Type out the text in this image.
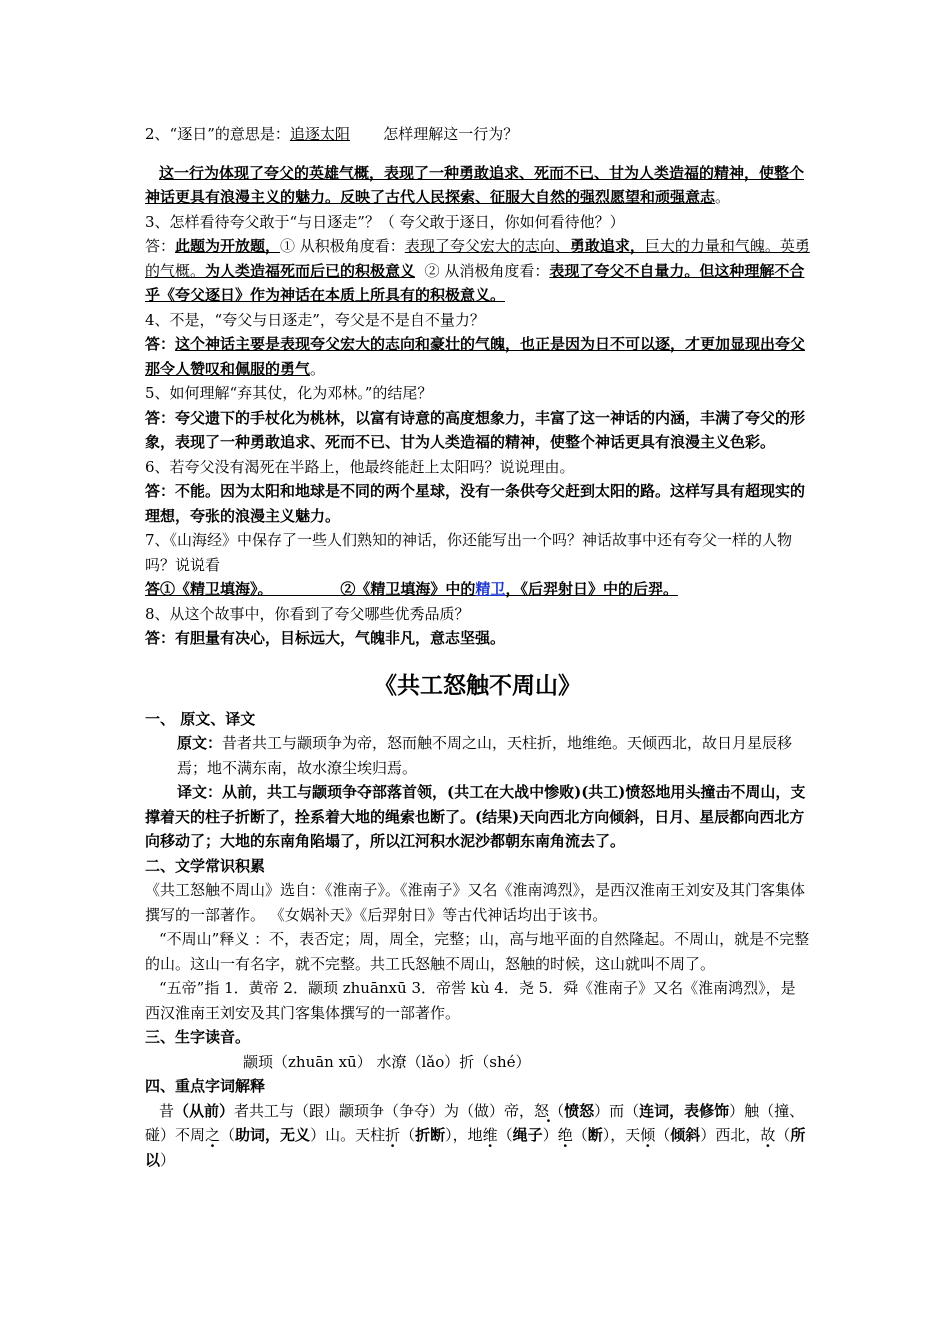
2、“逐日”的意思是：追逐太阳 怎样理解这一行为？

这一行为体现了夸父的英雄气概，表现了一种勇敢追求、死而不已、甘为人类造福的精神，使整个神话更具有浪漫主义的魅力。反映了古代人民探索、征服大自然的强烈愿望和顽强意志。

3、怎样看待夸父敢于“与日逐走”？（ 夸父敢于逐日，你如何看待他？）

答：此题为开放题，① 从积极角度看：表现了夸父宏大的志向、勇敢追求，巨大的力量和气魄。英勇的气概。为人类造福死而后已的积极意义 ② 从消极角度看：表现了夸父不自量力。但这种理解不合乎《夸父逐日》作为神话在本质上所具有的积极意义。

4、不是，“夸父与日逐走”，夸父是不是自不量力？

答：这个神话主要是表现夸父宏大的志向和豪壮的气魄，也正是因为日不可以逐，才更加显现出夸父那令人赞叹和佩服的勇气。

5、如何理解“弃其仗，化为邓林。”的结尾？

答：夸父遗下的手杖化为桃林，以富有诗意的高度想象力，丰富了这一神话的内涵，丰满了夸父的形象，表现了一种勇敢追求、死而不已、甘为人类造福的精神，使整个神话更具有浪漫主义色彩。

6、若夸父没有渴死在半路上，他最终能赶上太阳吗？说说理由。

答：不能。因为太阳和地球是不同的两个星球，没有一条供夸父赶到太阳的路。这样写具有超现实的理想，夸张的浪漫主义魅力。

7、《山海经》中保存了一些人们熟知的神话，你还能写出一个吗？神话故事中还有夸父一样的人物吗？说说看

答①《精卫填海》。	②《精卫填海》中的精卫，《后羿射日》中的后羿。

8、从这个故事中，你看到了夸父哪些优秀品质？

答：有胆量有决心，目标远大，气魄非凡，意志坚强。

《共工怒触不周山》

一、 原文、译文

原文：昔者共工与颛顼争为帝，怒而触不周之山，天柱折，地维绝。天倾西北，故日月星辰移焉；地不满东南，故水潦尘埃归焉。

译文：从前，共工与颛顼争夺部落首领，(共工在大战中惨败)(共工)愤怒地用头撞击不周山，支撑着天的柱子折断了，拴系着大地的绳索也断了。(结果)天向西北方向倾斜，日月、星辰都向西北方向移动了；大地的东南角陷塌了，所以江河积水泥沙都朝东南角流去了。

二、文学常识积累

《共工怒触不周山》选自：《淮南子》。《淮南子》又名《淮南鸿烈》，是西汉淮南王刘安及其门客集体撰写的一部著作。 《女娲补天》《后羿射日》等古代神话均出于该书。

“不周山”释义 ：不，表否定；周，周全，完整；山，高与地平面的自然隆起。不周山，就是不完整的山。这山一有名字，就不完整。共工氏怒触不周山，怒触的时候，这山就叫不周了。

“五帝”指 1．黄帝 2．颛顼 zhuānxū 3．帝喾 kù 4．尧 5．舜《淮南子》又名《淮南鸿烈》，是西汉淮南王刘安及其门客集体撰写的一部著作。

三、生字读音。

颛顼（zhuān xū） 水潦（lǎo）折（shé）

四、重点字词解释

昔（从前）者共工与（跟）颛顼争（争夺）为（做）帝，怒（愤怒）而（连词，表修饰）触（撞、

碰）不周之（助词，无义）山。天柱折（折断），地维（绳子）绝（断），天倾（倾斜）西北，故（所以）
